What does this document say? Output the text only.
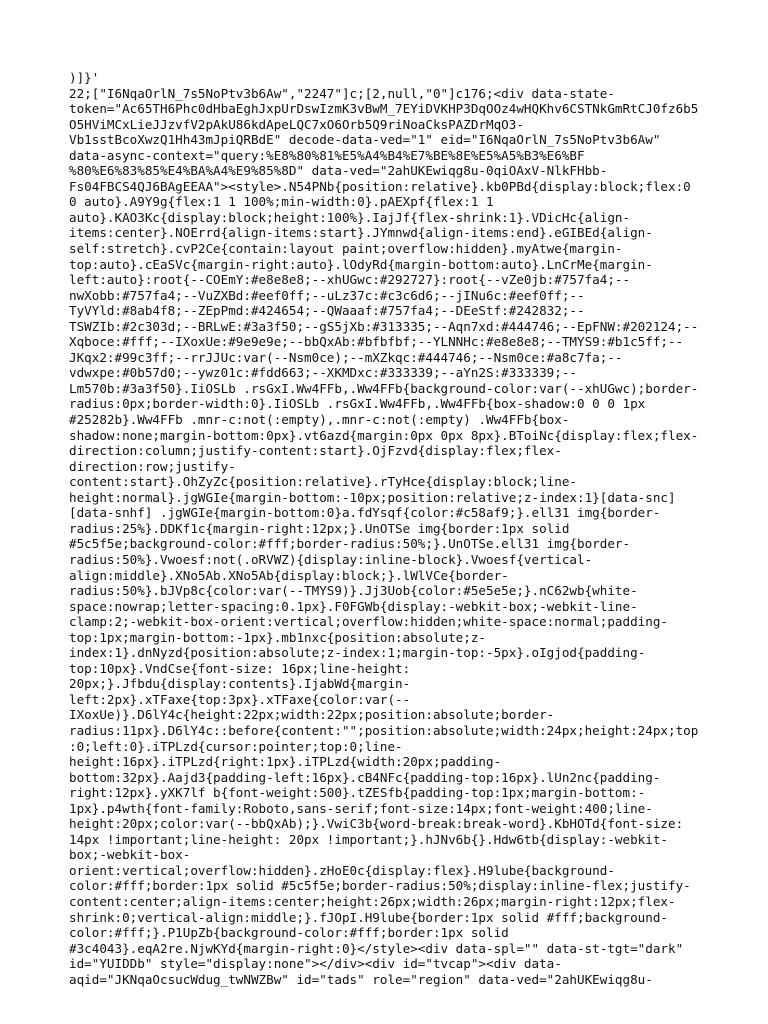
)]}'
22;["I6NqaOrlN_7s5NoPtv3b6Aw","2247"]c;[2,null,"0"]c176;<div data-state-
token="Ac65TH6Phc0dHbaEghJxpUrDswIzmK3vBwM_7EYiDVKHP3DqOOz4wHQKhv6CSTNkGmRtCJ0fz6b5
O5HViMCxLieJJzvfV2pAkU86kdApeLQC7xO6Orb5Q9riNoaCksPAZDrMqO3-
Vb1sstBcoXwzQ1Hh43mJpiQRBdE" decode-data-ved="1" eid="I6NqaOrlN_7s5NoPtv3b6Aw"
data-async-context="query:%E8%80%81%E5%A4%B4%E7%BE%8E%E5%A5%B3%E6%BF
%80%E6%83%85%E4%BA%A4%E9%85%8D" data-ved="2ahUKEwiqg8u-0qiOAxV-NlkFHbb-
Fs04FBCS4QJ6BAgEEAA"><style>.N54PNb{position:relative}.kb0PBd{display:block;flex:0
0 auto}.A9Y9g{flex:1 1 100%;min-width:0}.pAEXpf{flex:1 1
auto}.KAO3Kc{display:block;height:100%}.IajJf{flex-shrink:1}.VDicHc{align-
items:center}.NOErrd{align-items:start}.JYmnwd{align-items:end}.eGIBEd{align-
self:stretch}.cvP2Ce{contain:layout paint;overflow:hidden}.myAtwe{margin-
top:auto}.cEaSVc{margin-right:auto}.lOdyRd{margin-bottom:auto}.LnCrMe{margin-
left:auto}:root{--COEmY:#e8e8e8;--xhUGwc:#292727}:root{--vZe0jb:#757fa4;--
nwXobb:#757fa4;--VuZXBd:#eef0ff;--uLz37c:#c3c6d6;--jINu6c:#eef0ff;--
TyVYld:#8ab4f8;--ZEpPmd:#424654;--QWaaaf:#757fa4;--DEeStf:#242832;--
TSWZIb:#2c303d;--BRLwE:#3a3f50;--gS5jXb:#313335;--Aqn7xd:#444746;--EpFNW:#202124;--
Xqboce:#fff;--IXoxUe:#9e9e9e;--bbQxAb:#bfbfbf;--YLNNHc:#e8e8e8;--TMYS9:#b1c5ff;--
JKqx2:#99c3ff;--rrJJUc:var(--Nsm0ce);--mXZkqc:#444746;--Nsm0ce:#a8c7fa;--
vdwxpe:#0b57d0;--ywz01c:#fdd663;--XKMDxc:#333339;--aYn2S:#333339;--
Lm570b:#3a3f50}.IiOSLb .rsGxI.Ww4FFb,.Ww4FFb{background-color:var(--xhUGwc);border-
radius:0px;border-width:0}.IiOSLb .rsGxI.Ww4FFb,.Ww4FFb{box-shadow:0 0 0 1px
#25282b}.Ww4FFb .mnr-c:not(:empty),.mnr-c:not(:empty) .Ww4FFb{box-
shadow:none;margin-bottom:0px}.vt6azd{margin:0px 0px 8px}.BToiNc{display:flex;flex-
direction:column;justify-content:start}.OjFzvd{display:flex;flex-
direction:row;justify-
content:start}.OhZyZc{position:relative}.rTyHce{display:block;line-
height:normal}.jgWGIe{margin-bottom:-10px;position:relative;z-index:1}[data-snc]
[data-snhf] .jgWGIe{margin-bottom:0}a.fdYsqf{color:#c58af9;}.ell31 img{border-
radius:25%}.DDKf1c{margin-right:12px;}.UnOTSe img{border:1px solid
#5c5f5e;background-color:#fff;border-radius:50%;}.UnOTSe.ell31 img{border-
radius:50%}.Vwoesf:not(.oRVWZ){display:inline-block}.Vwoesf{vertical-
align:middle}.XNo5Ab.XNo5Ab{display:block;}.lWlVCe{border-
radius:50%}.bJVp8c{color:var(--TMYS9)}.Jj3Uob{color:#5e5e5e;}.nC62wb{white-
space:nowrap;letter-spacing:0.1px}.F0FGWb{display:-webkit-box;-webkit-line-
clamp:2;-webkit-box-orient:vertical;overflow:hidden;white-space:normal;padding-
top:1px;margin-bottom:-1px}.mb1nxc{position:absolute;z-
index:1}.dnNyzd{position:absolute;z-index:1;margin-top:-5px}.oIgjod{padding-
top:10px}.VndCse{font-size: 16px;line-height:
20px;}.Jfbdu{display:contents}.IjabWd{margin-
left:2px}.xTFaxe{top:3px}.xTFaxe{color:var(--
IXoxUe)}.D6lY4c{height:22px;width:22px;position:absolute;border-
radius:11px}.D6lY4c::before{content:"";position:absolute;width:24px;height:24px;top
:0;left:0}.iTPLzd{cursor:pointer;top:0;line-
height:16px}.iTPLzd{right:1px}.iTPLzd{width:20px;padding-
bottom:32px}.Aajd3{padding-left:16px}.cB4NFc{padding-top:16px}.lUn2nc{padding-
right:12px}.yXK7lf b{font-weight:500}.tZESfb{padding-top:1px;margin-bottom:-
1px}.p4wth{font-family:Roboto,sans-serif;font-size:14px;font-weight:400;line-
height:20px;color:var(--bbQxAb);}.VwiC3b{word-break:break-word}.KbHOTd{font-size:
14px !important;line-height: 20px !important;}.hJNv6b{}.Hdw6tb{display:-webkit-
box;-webkit-box-
orient:vertical;overflow:hidden}.zHoE0c{display:flex}.H9lube{background-
color:#fff;border:1px solid #5c5f5e;border-radius:50%;display:inline-flex;justify-
content:center;align-items:center;height:26px;width:26px;margin-right:12px;flex-
shrink:0;vertical-align:middle;}.fJOpI.H9lube{border:1px solid #fff;background-
color:#fff;}.P1UpZb{background-color:#fff;border:1px solid
#3c4043}.eqA2re.NjwKYd{margin-right:0}</style><div data-spl="" data-st-tgt="dark"
id="YUIDDb" style="display:none"></div><div id="tvcap"><div data-
aqid="JKNqaOcsucWdug_twNWZBw" id="tads" role="region" data-ved="2ahUKEwiqg8u-
